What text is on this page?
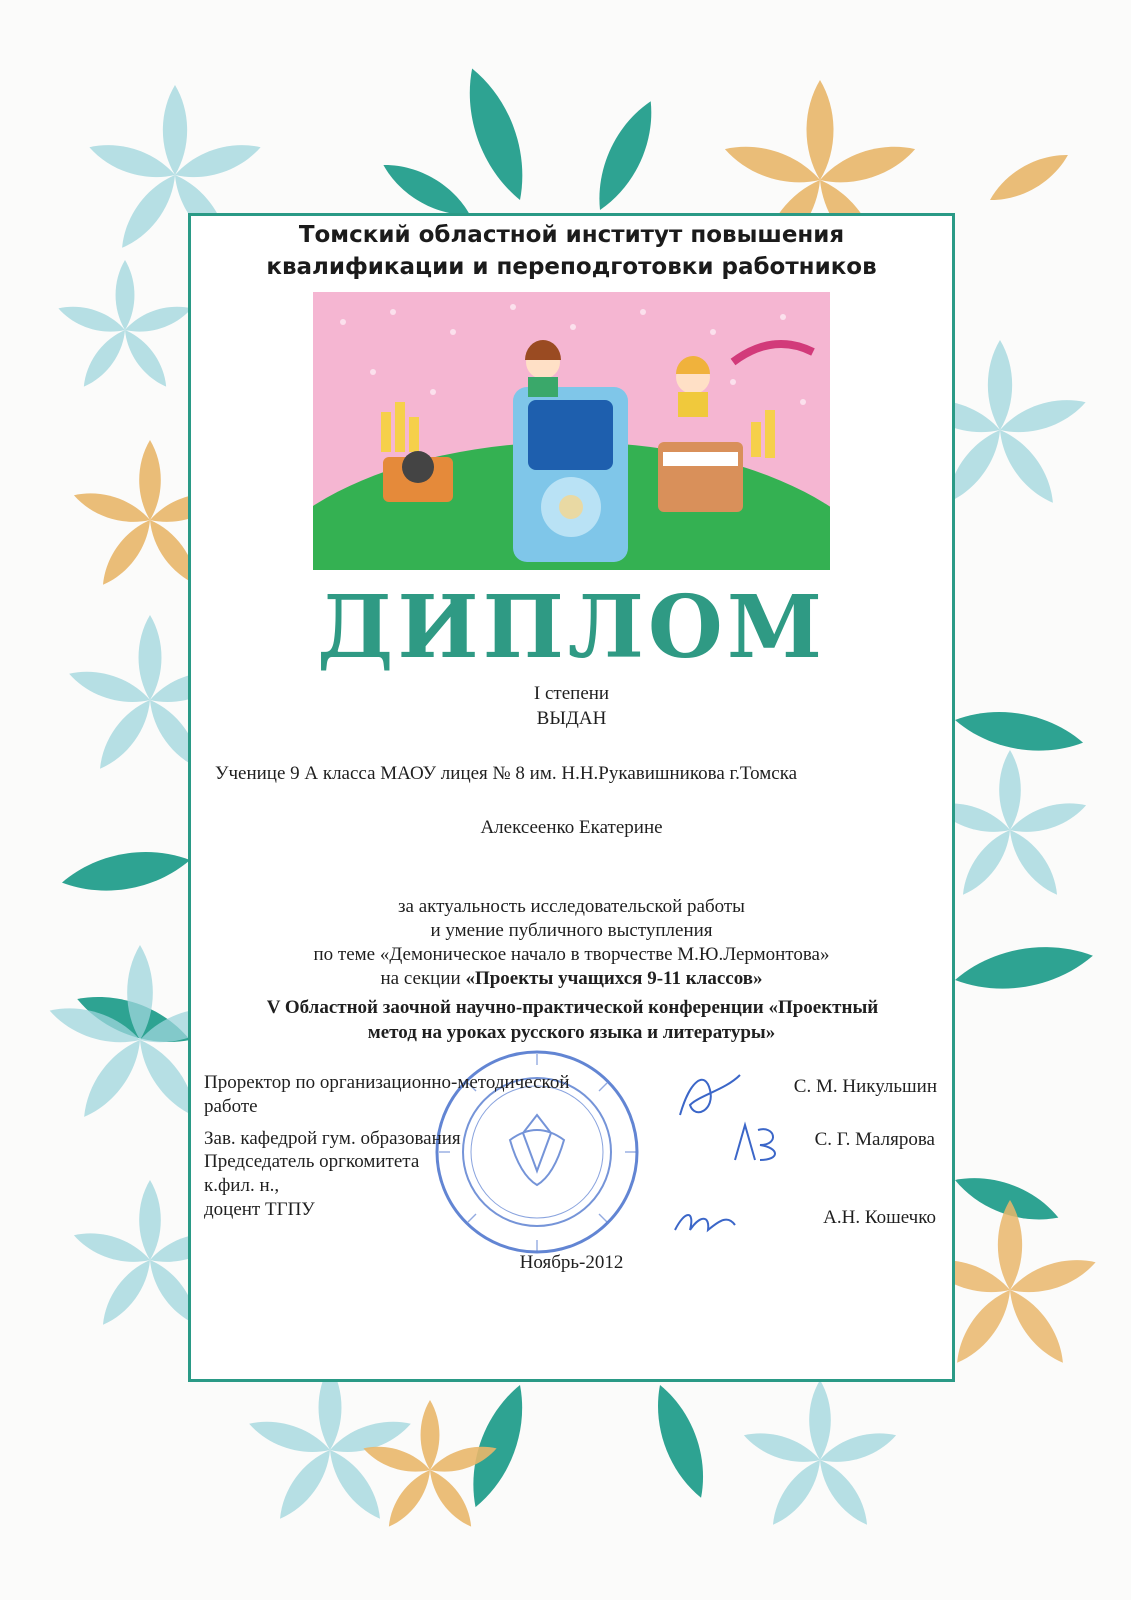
Томский областной институт повышения

квалификации и переподготовки работников

ДИПЛОМ

I степени

ВЫДАН

Ученице 9 А класса МАОУ лицея № 8 им. Н.Н.Рукавишникова г.Томска

Алексеенко Екатерине

за актуальность исследовательской работы

и умение публичного выступления

по теме «Демоническое начало в творчестве М.Ю.Лермонтова»

на секции «Проекты учащихся 9-11 классов»

V Областной заочной научно-практической конференции «Проектный

метод на уроках русского языка и литературы»

Проректор по организационно-методической

работе

С. М. Никульшин

Зав. кафедрой гум. образования	С. Г. Малярова

Председатель оргкомитета

к.фил. н.,

доцент ТГПУ	А.Н. Кошечко

Ноябрь-2012
